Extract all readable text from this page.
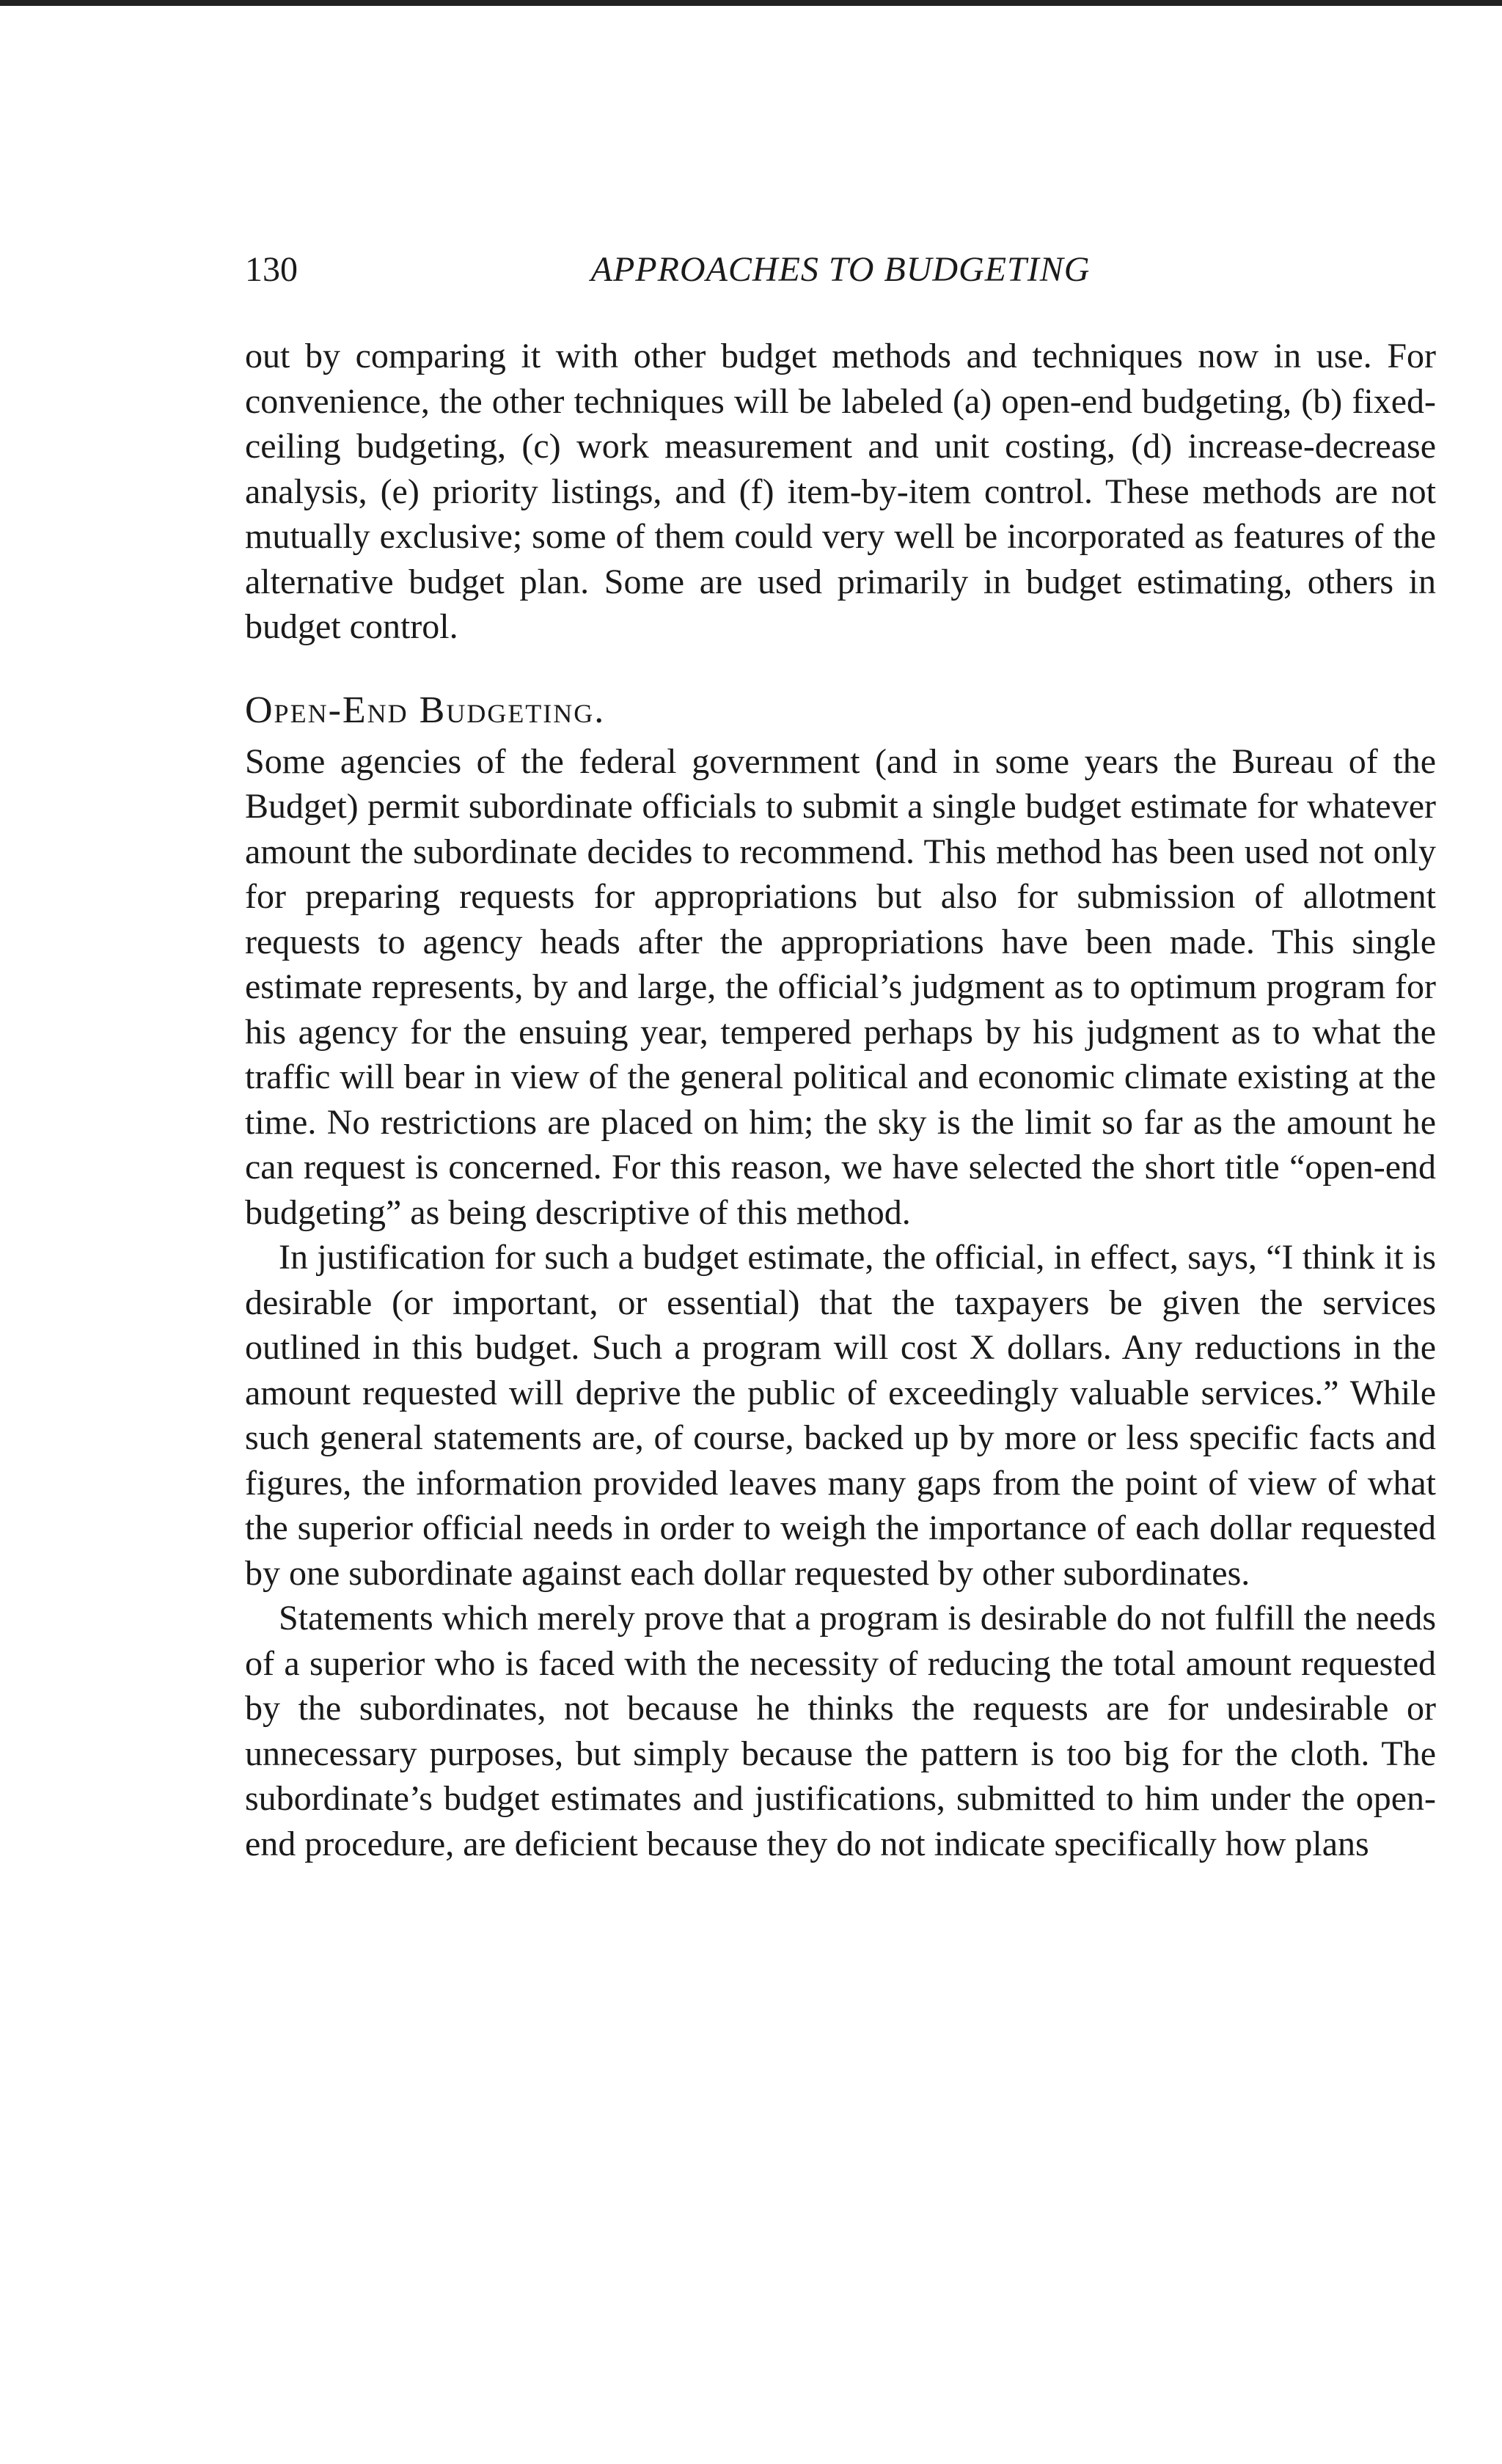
130	APPROACHES TO BUDGETING

out by comparing it with other budget methods and techniques now in use. For convenience, the other techniques will be labeled (a) open-end budgeting, (b) fixed-ceiling budgeting, (c) work measurement and unit costing, (d) increase-decrease analysis, (e) priority listings, and (f) item-by-item control. These methods are not mutually exclusive; some of them could very well be incorporated as features of the alternative budget plan. Some are used primarily in budget estimating, others in budget control.

Open-End Budgeting.

Some agencies of the federal government (and in some years the Bureau of the Budget) permit subordinate officials to submit a single budget estimate for whatever amount the subordinate decides to recommend. This method has been used not only for preparing requests for appropriations but also for submission of allotment requests to agency heads after the appropriations have been made. This single estimate represents, by and large, the official’s judgment as to optimum program for his agency for the ensuing year, tempered perhaps by his judgment as to what the traffic will bear in view of the general political and economic climate existing at the time. No restrictions are placed on him; the sky is the limit so far as the amount he can request is concerned. For this reason, we have selected the short title “open-end budgeting” as being descriptive of this method.

In justification for such a budget estimate, the official, in effect, says, “I think it is desirable (or important, or essential) that the taxpayers be given the services outlined in this budget. Such a program will cost X dollars. Any reductions in the amount requested will deprive the public of exceedingly valuable services.” While such general statements are, of course, backed up by more or less specific facts and figures, the information provided leaves many gaps from the point of view of what the superior official needs in order to weigh the importance of each dollar requested by one subordinate against each dollar requested by other subordinates.

Statements which merely prove that a program is desirable do not fulfill the needs of a superior who is faced with the necessity of reducing the total amount requested by the subordinates, not because he thinks the requests are for undesirable or unnecessary purposes, but simply because the pattern is too big for the cloth. The subordinate’s budget estimates and justifications, submitted to him under the open-end procedure, are deficient because they do not indicate specifically how plans
